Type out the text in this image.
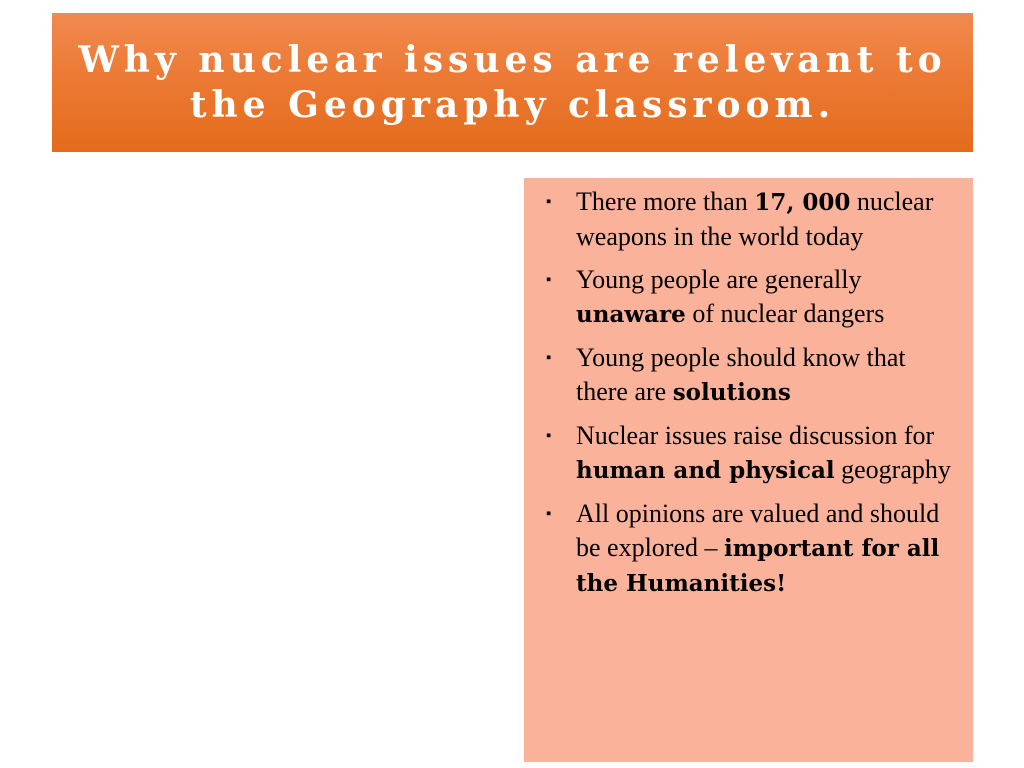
Why nuclear issues are relevant to the Geography classroom.
▪ There more than 17, 000 nuclear weapons in the world today
▪ Young people are generally unaware of nuclear dangers
▪ Young people should know that there are solutions
▪ Nuclear issues raise discussion for human and physical geography
▪ All opinions are valued and should be explored – important for all the Humanities!
